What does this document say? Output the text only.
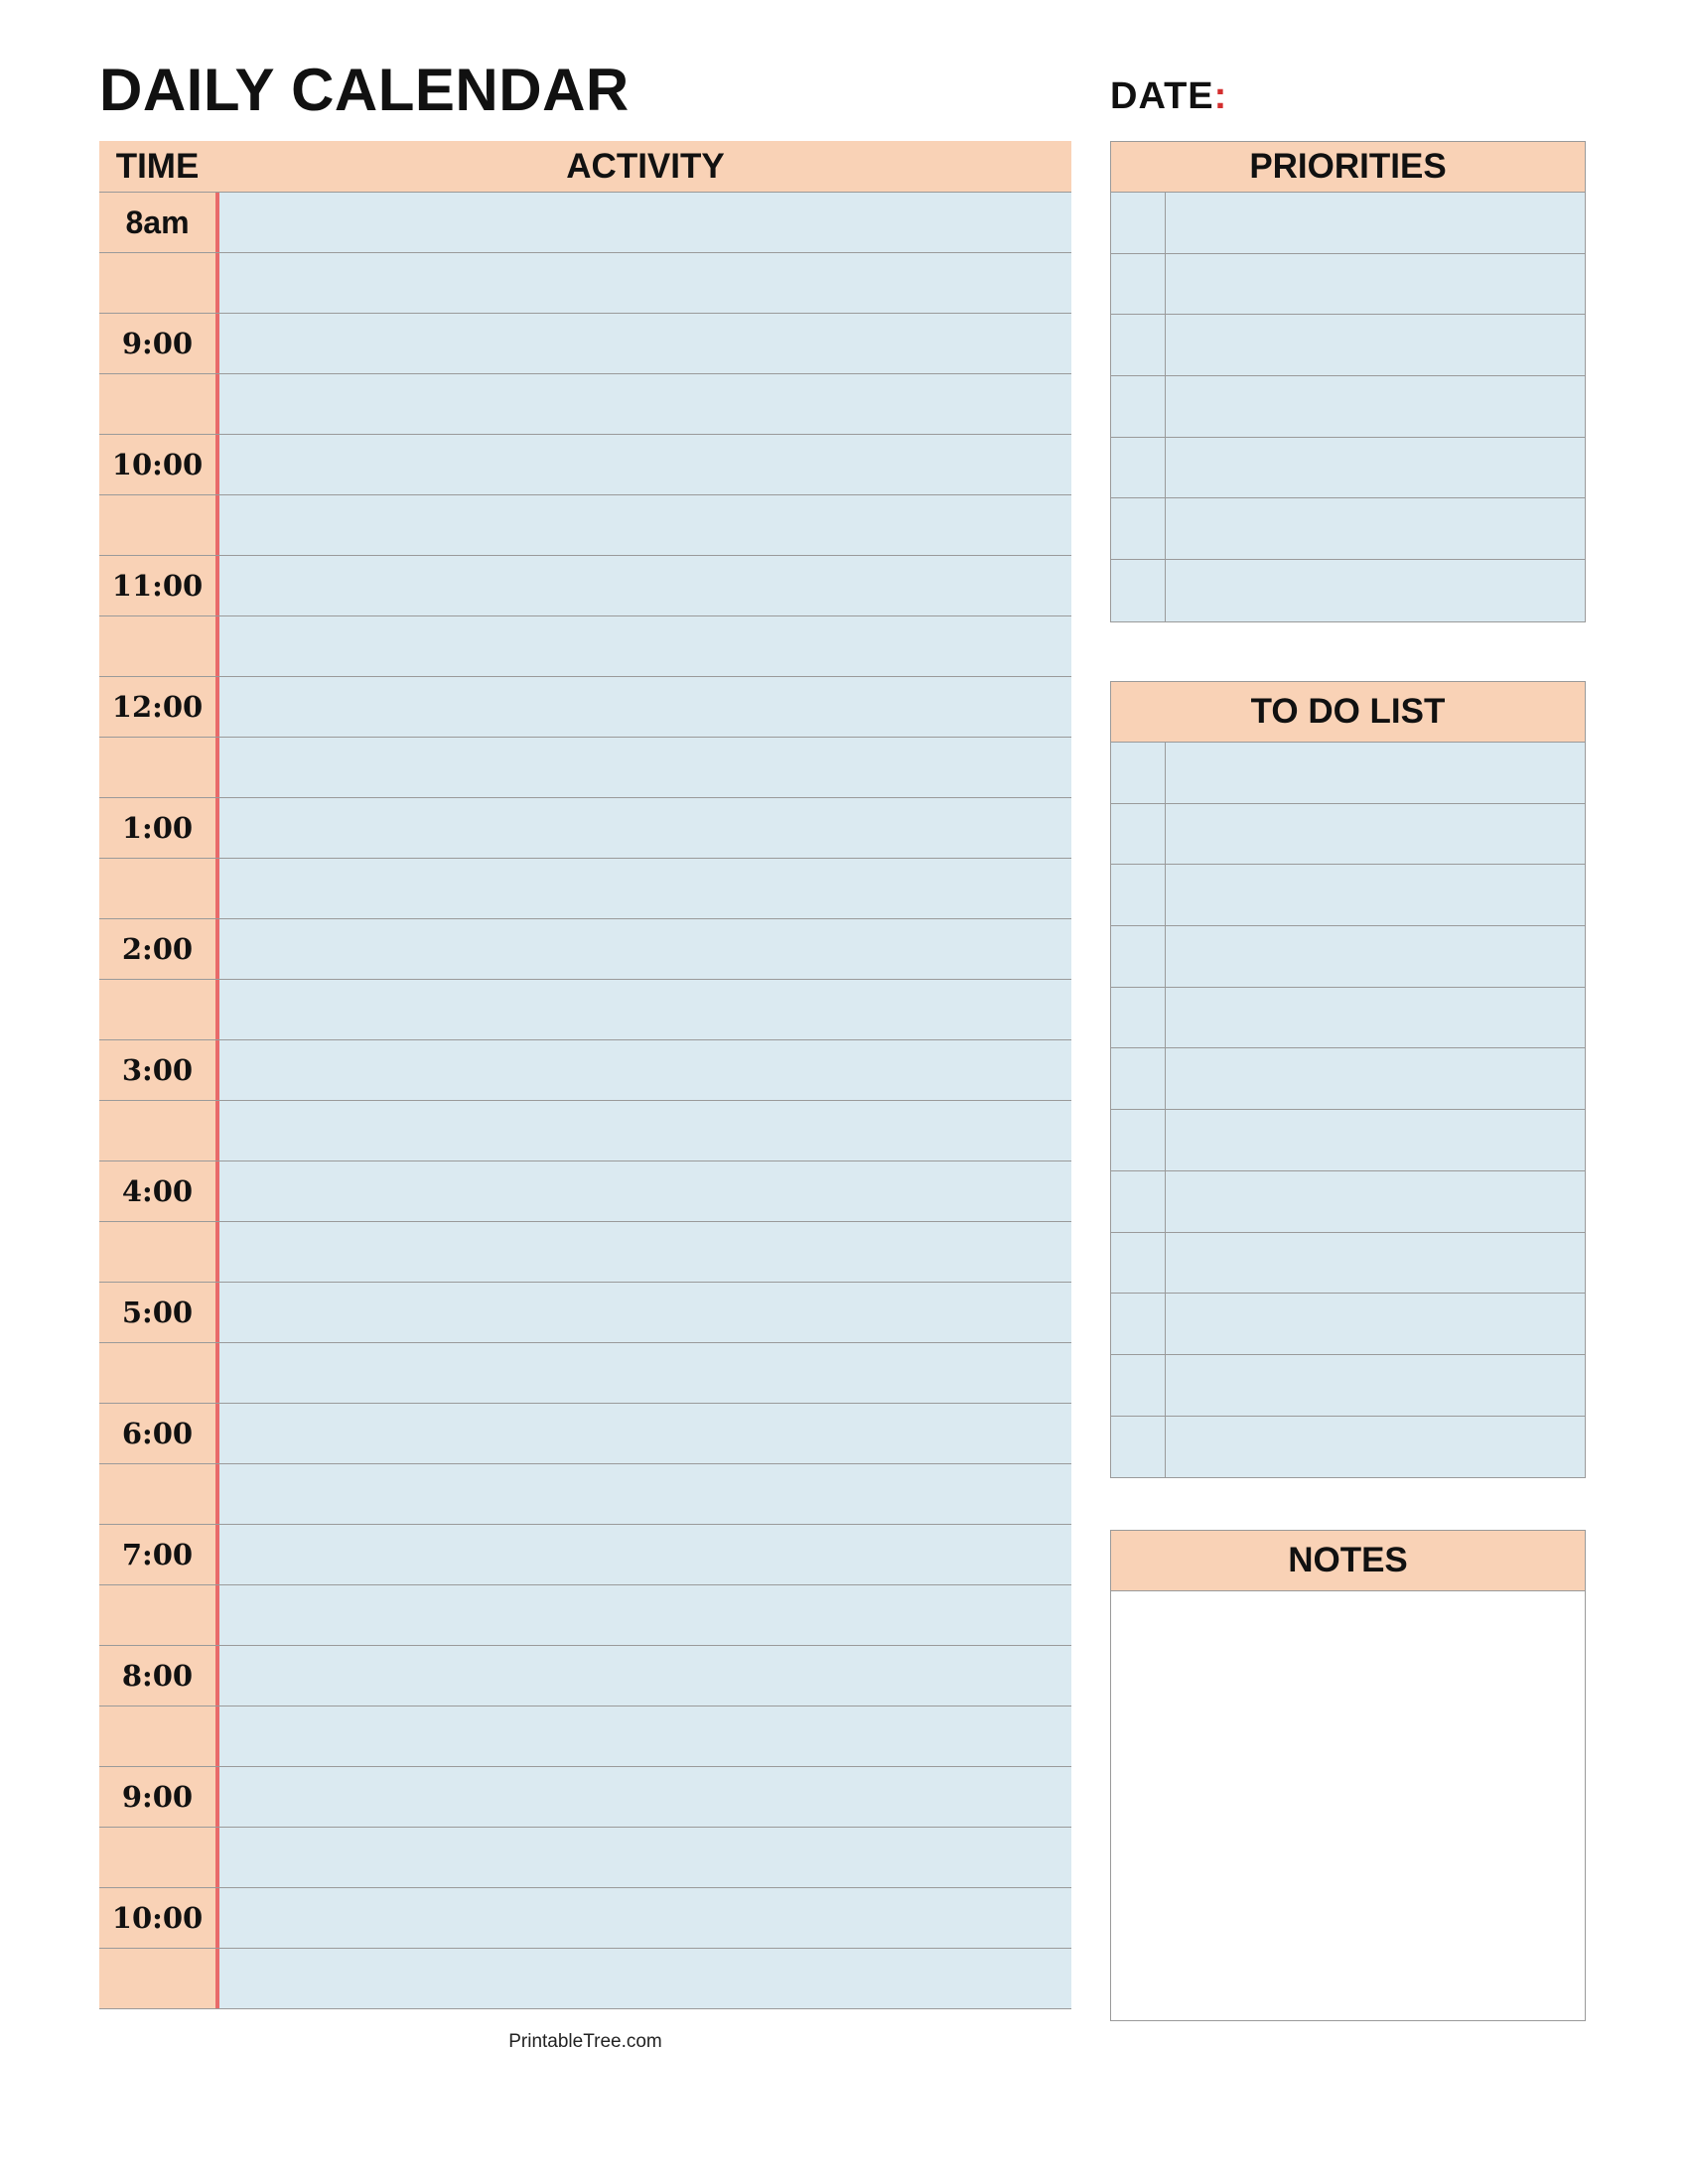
DAILY CALENDAR	DATE:
TIME	ACTIVITY
8am
9:00
10:00
11:00
12:00
1:00
2:00
3:00
4:00
5:00
6:00
7:00
8:00
9:00
10:00
PRIORITIES
TO DO LIST
NOTES
PrintableTree.com
